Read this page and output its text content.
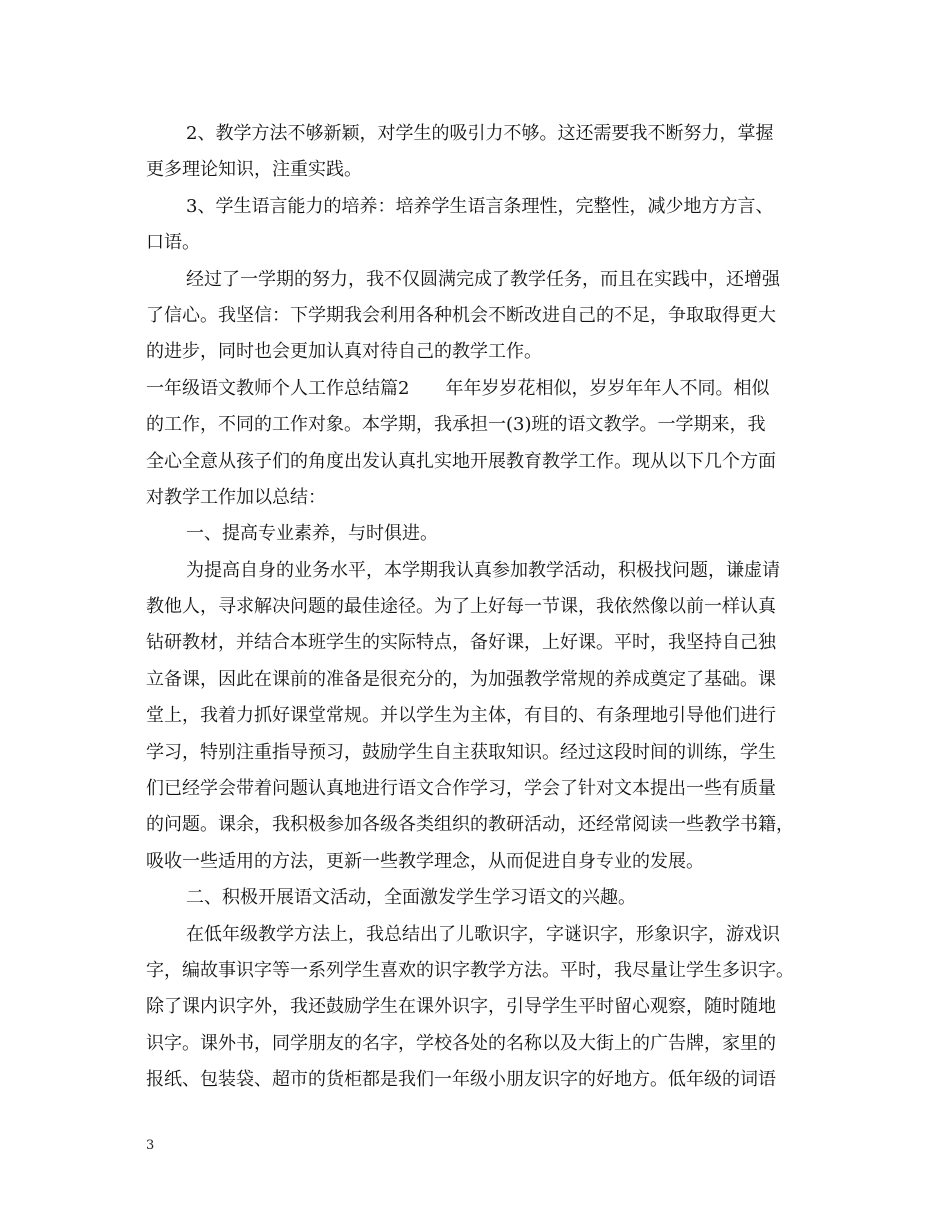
2、教学方法不够新颖，对学生的吸引力不够。这还需要我不断努力，掌握
更多理论知识，注重实践。
3、学生语言能力的培养：培养学生语言条理性，完整性，减少地方方言、
口语。
经过了一学期的努力，我不仅圆满完成了教学任务，而且在实践中，还增强
了信心。我坚信：下学期我会利用各种机会不断改进自己的不足，争取取得更大
的进步，同时也会更加认真对待自己的教学工作。
一年级语文教师个人工作总结篇2　　年年岁岁花相似，岁岁年年人不同。相似
的工作，不同的工作对象。本学期，我承担一(3)班的语文教学。一学期来，我
全心全意从孩子们的角度出发认真扎实地开展教育教学工作。现从以下几个方面
对教学工作加以总结：
一、提高专业素养，与时俱进。
为提高自身的业务水平，本学期我认真参加教学活动，积极找问题，谦虚请
教他人，寻求解决问题的最佳途径。为了上好每一节课，我依然像以前一样认真
钻研教材，并结合本班学生的实际特点，备好课，上好课。平时，我坚持自己独
立备课，因此在课前的准备是很充分的，为加强教学常规的养成奠定了基础。课
堂上，我着力抓好课堂常规。并以学生为主体，有目的、有条理地引导他们进行
学习，特别注重指导预习，鼓励学生自主获取知识。经过这段时间的训练，学生
们已经学会带着问题认真地进行语文合作学习，学会了针对文本提出一些有质量
的问题。课余，我积极参加各级各类组织的教研活动，还经常阅读一些教学书籍，
吸收一些适用的方法，更新一些教学理念，从而促进自身专业的发展。
二、积极开展语文活动，全面激发学生学习语文的兴趣。
在低年级教学方法上，我总结出了儿歌识字，字谜识字，形象识字，游戏识
字，编故事识字等一系列学生喜欢的识字教学方法。平时，我尽量让学生多识字。
除了课内识字外，我还鼓励学生在课外识字，引导学生平时留心观察，随时随地
识字。课外书，同学朋友的名字，学校各处的名称以及大街上的广告牌，家里的
报纸、包装袋、超市的货柜都是我们一年级小朋友识字的好地方。低年级的词语
3
